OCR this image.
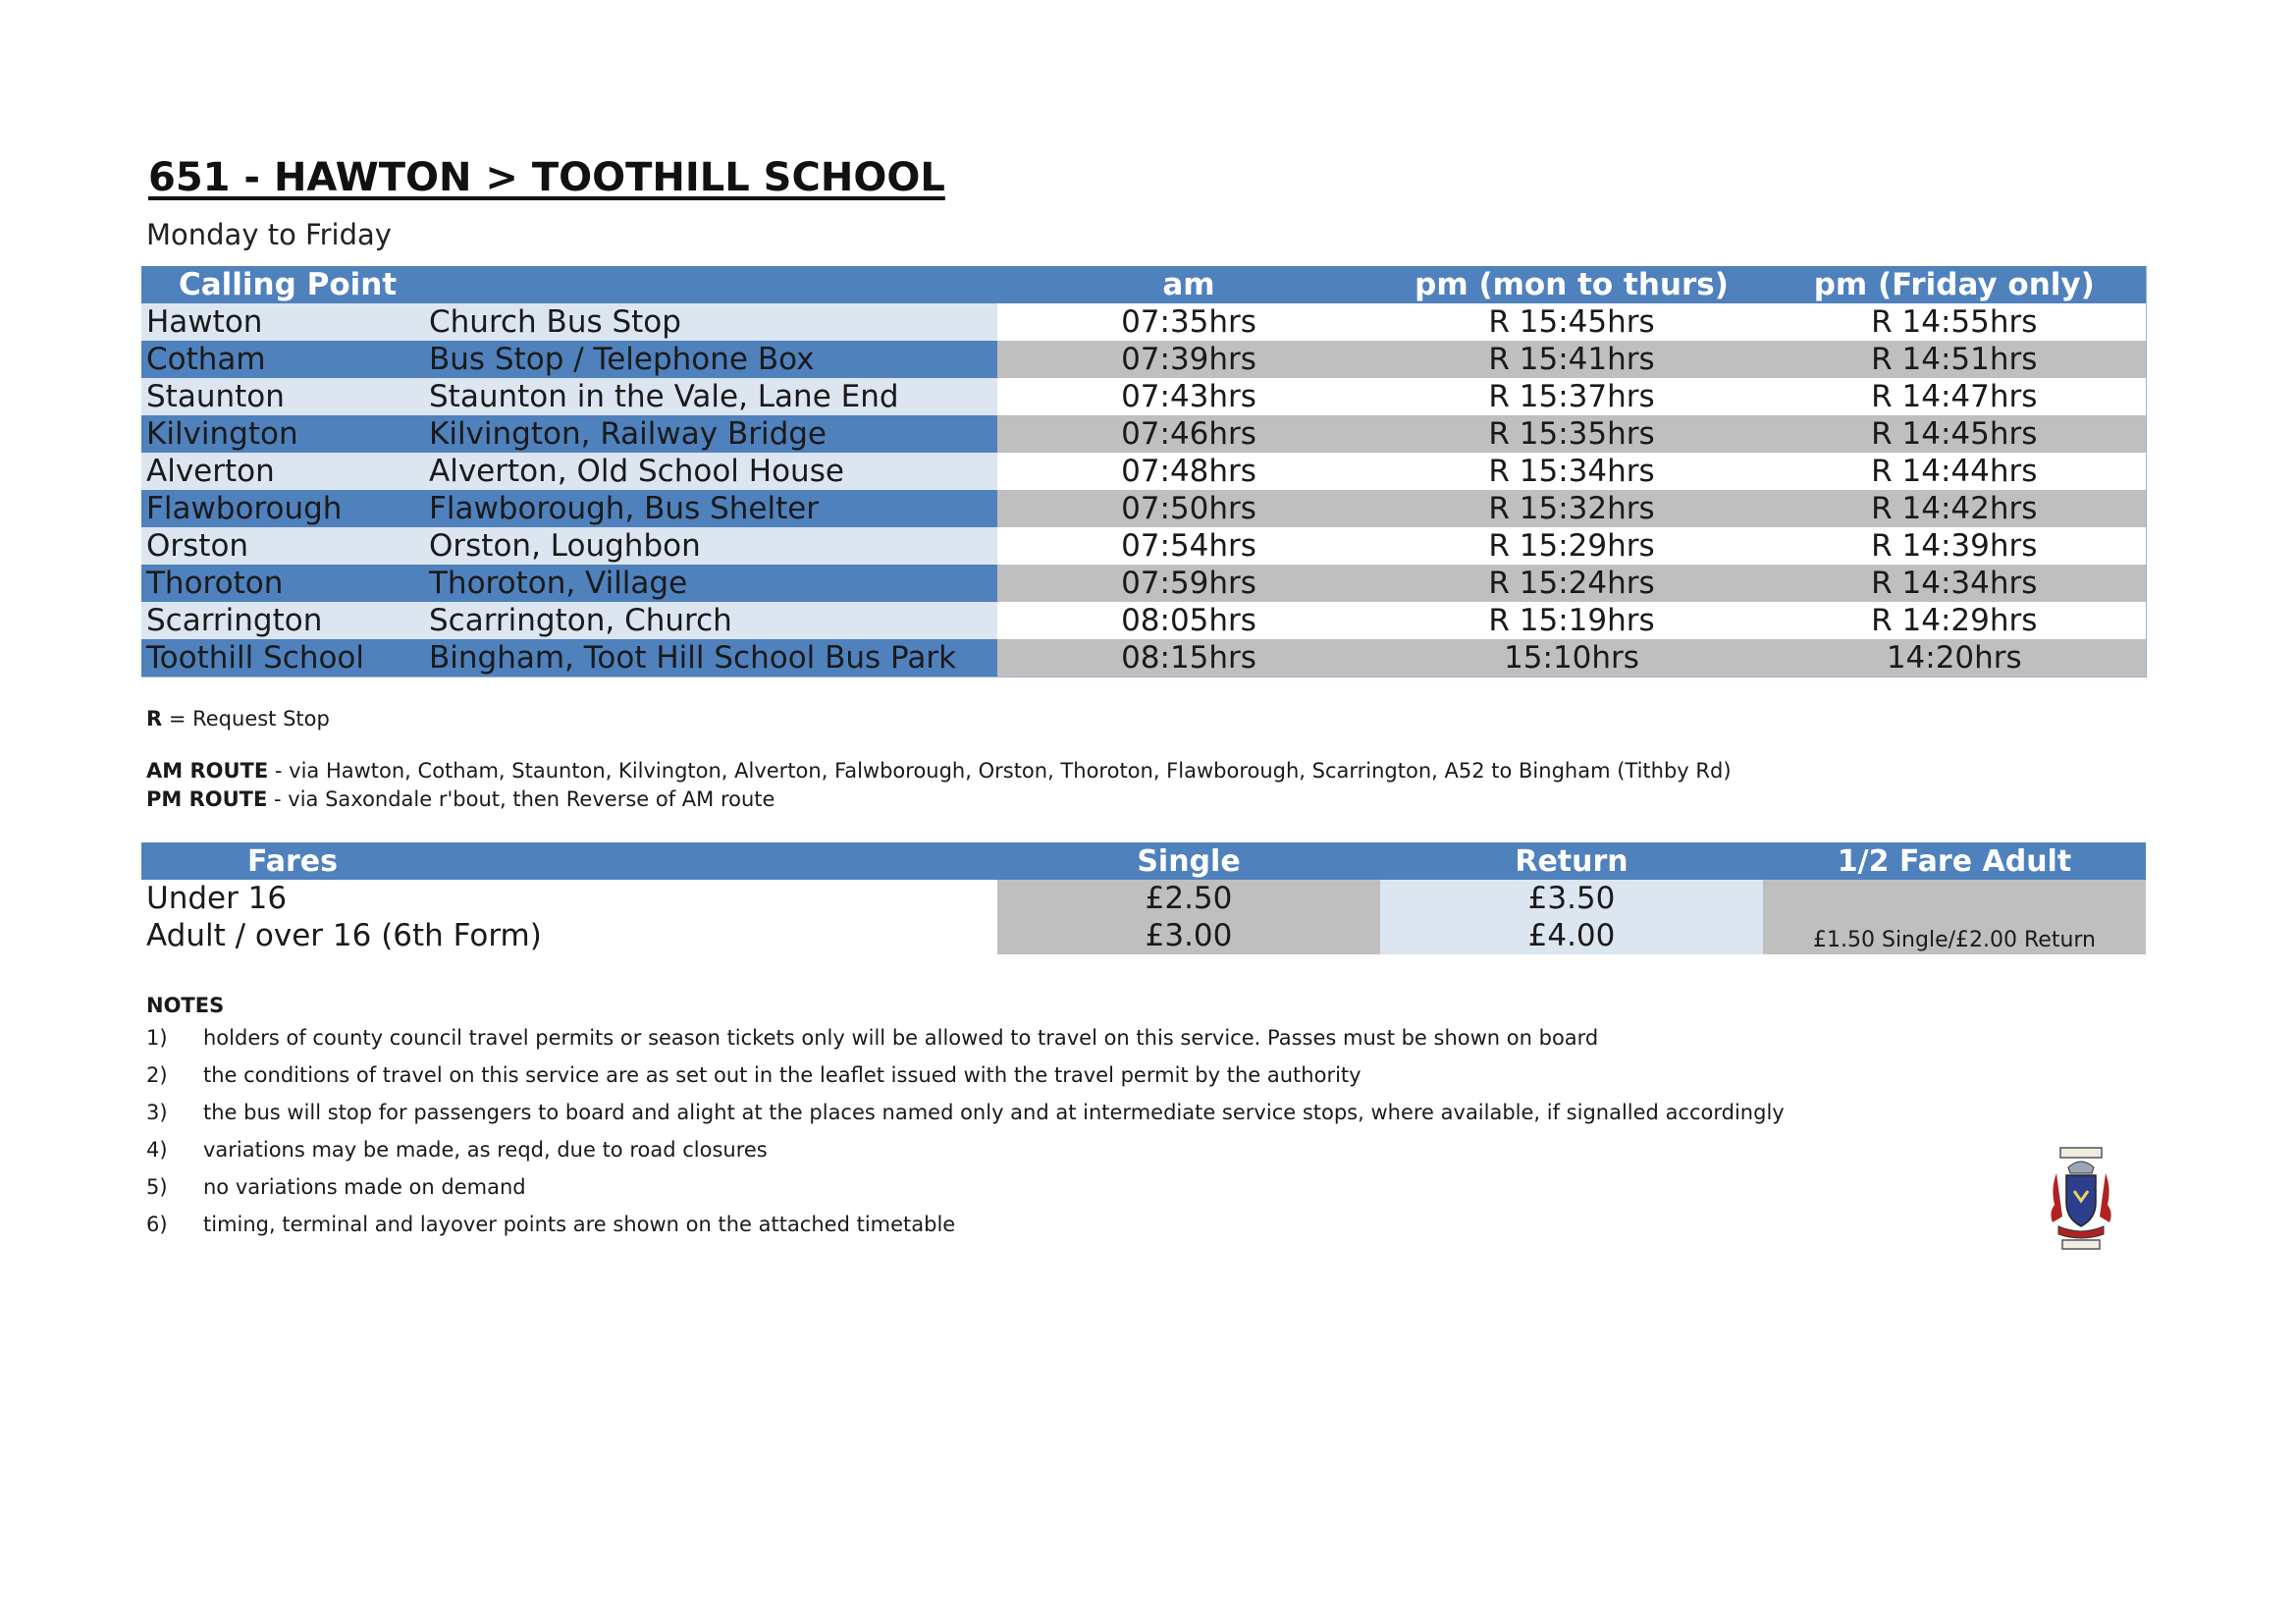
651 - HAWTON > TOOTHILL SCHOOL
Monday to Friday
Calling Point		am	pm (mon to thurs)	pm (Friday only)
Hawton	Church Bus Stop	07:35hrs	R 15:45hrs	R 14:55hrs
Cotham	Bus Stop / Telephone Box	07:39hrs	R 15:41hrs	R 14:51hrs
Staunton	Staunton in the Vale, Lane End	07:43hrs	R 15:37hrs	R 14:47hrs
Kilvington	Kilvington, Railway Bridge	07:46hrs	R 15:35hrs	R 14:45hrs
Alverton	Alverton, Old School House	07:48hrs	R 15:34hrs	R 14:44hrs
Flawborough	Flawborough, Bus Shelter	07:50hrs	R 15:32hrs	R 14:42hrs
Orston	Orston, Loughbon	07:54hrs	R 15:29hrs	R 14:39hrs
Thoroton	Thoroton, Village	07:59hrs	R 15:24hrs	R 14:34hrs
Scarrington	Scarrington, Church	08:05hrs	R 15:19hrs	R 14:29hrs
Toothill School	Bingham, Toot Hill School Bus Park	08:15hrs	15:10hrs	14:20hrs
R = Request Stop
AM ROUTE - via Hawton, Cotham, Staunton, Kilvington, Alverton, Falwborough, Orston, Thoroton, Flawborough, Scarrington, A52 to Bingham (Tithby Rd)
PM ROUTE - via Saxondale r'bout, then Reverse of AM route
Fares	Single	Return	1/2 Fare Adult
Under 16	£2.50	£3.50	£1.50 Single/£2.00 Return
Adult / over 16 (6th Form)	£3.00	£4.00	
NOTES
1) holders of county council travel permits or season tickets only will be allowed to travel on this service. Passes must be shown on board
2) the conditions of travel on this service are as set out in the leaflet issued with the travel permit by the authority
3) the bus will stop for passengers to board and alight at the places named only and at intermediate service stops, where available, if signalled accordingly
4) variations may be made, as reqd, due to road closures
5) no variations made on demand
6) timing, terminal and layover points are shown on the attached timetable
